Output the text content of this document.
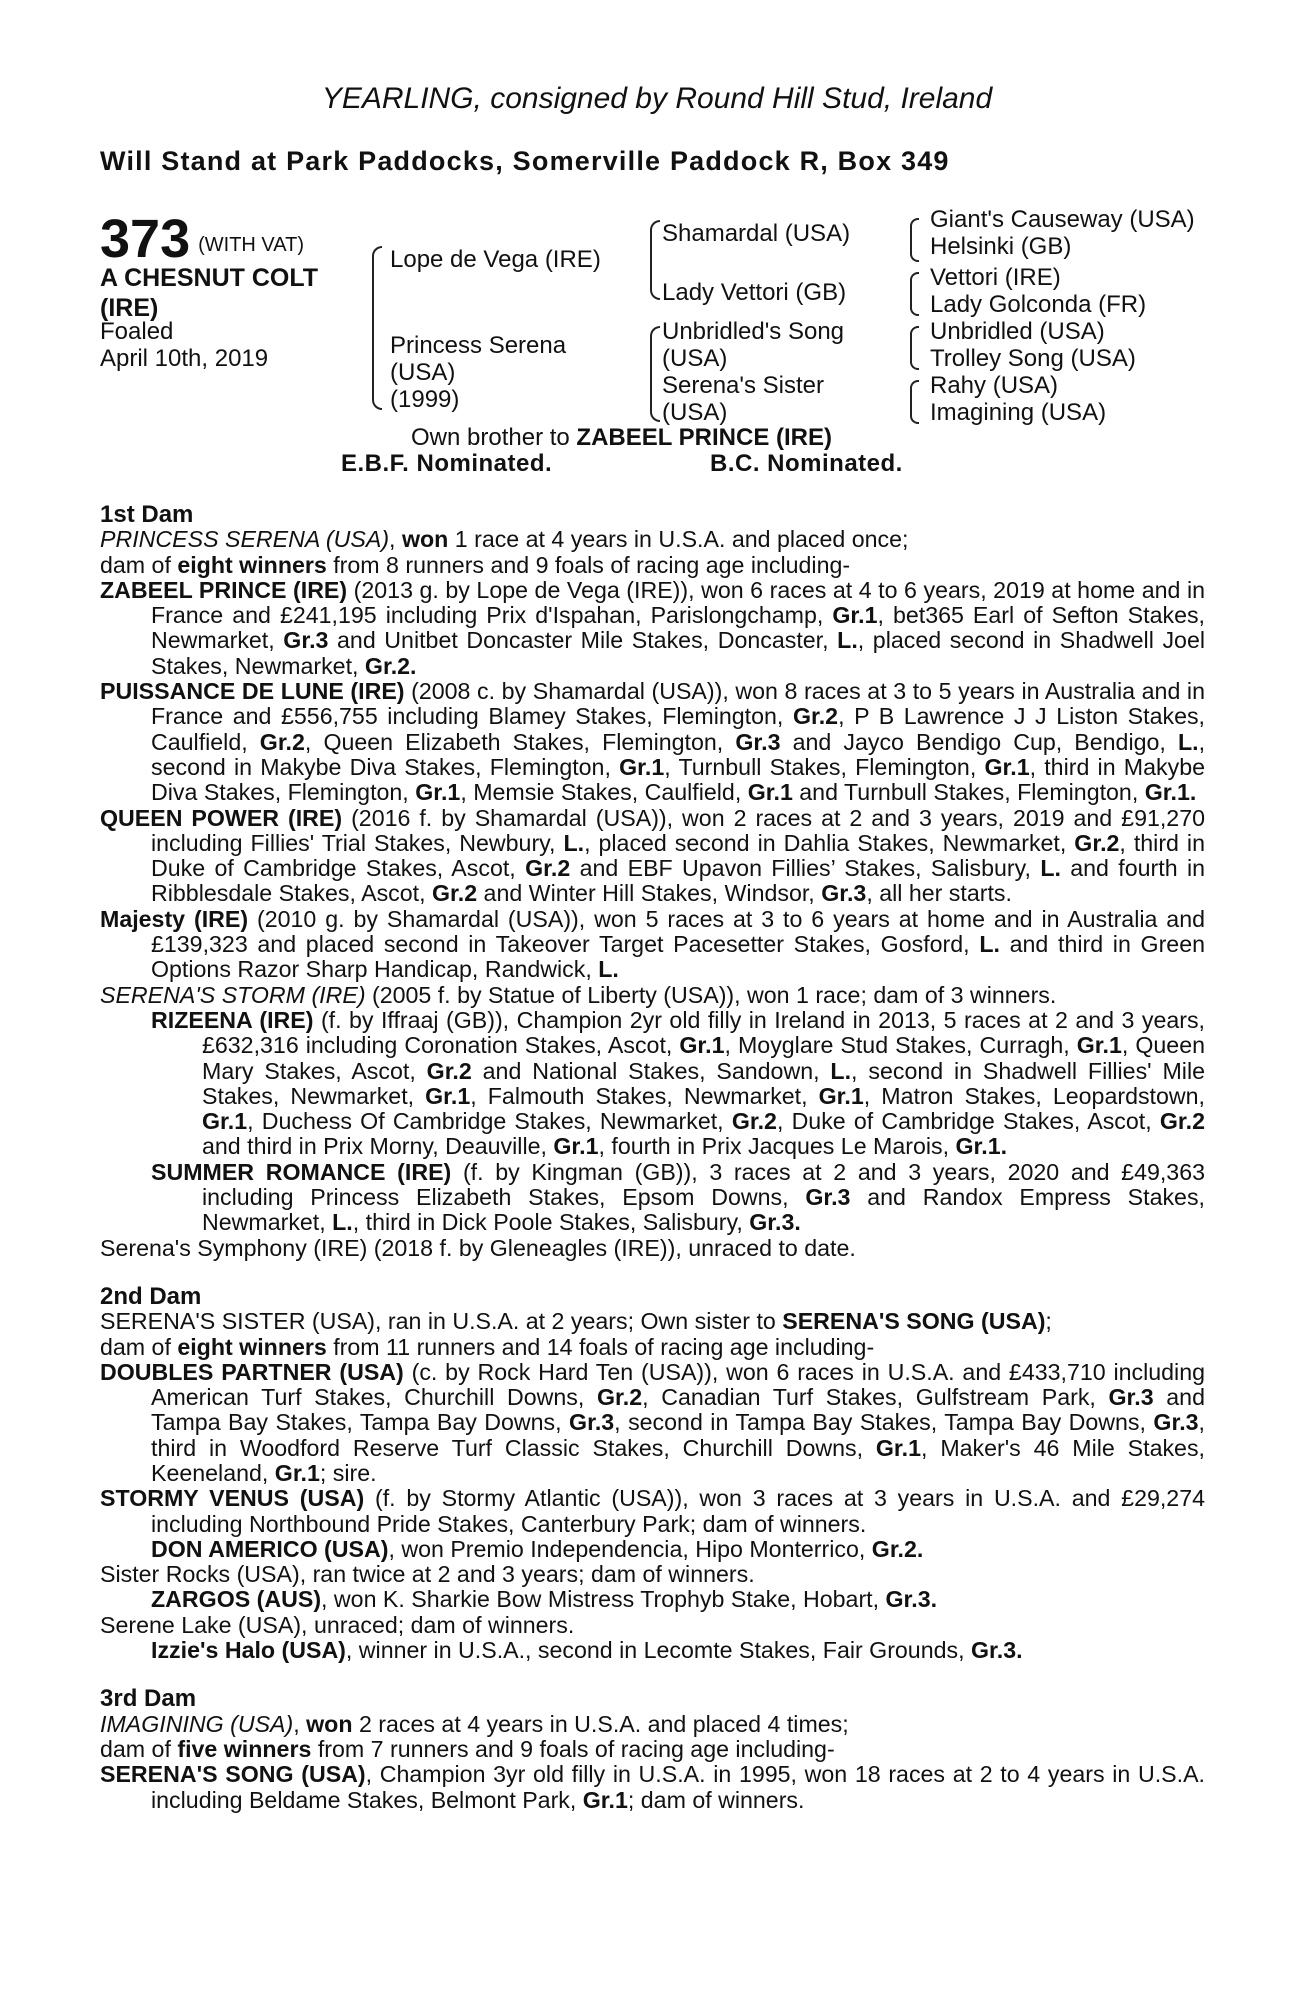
YEARLING, consigned by Round Hill Stud, Ireland
Will Stand at Park Paddocks, Somerville Paddock R, Box 349
373 (WITH VAT)
A CHESNUT COLT
(IRE)
Foaled
April 10th, 2019
Lope de Vega (IRE)
Princess Serena
(USA)
(1999)
Shamardal (USA)
Lady Vettori (GB)
Unbridled's Song
(USA)
Serena's Sister
(USA)
Giant's Causeway (USA)
Helsinki (GB)
Vettori (IRE)
Lady Golconda (FR)
Unbridled (USA)
Trolley Song (USA)
Rahy (USA)
Imagining (USA)
Own brother to ZABEEL PRINCE (IRE)
E.B.F. Nominated.	B.C. Nominated.

1st Dam

PRINCESS SERENA (USA), won 1 race at 4 years in U.S.A. and placed once;

dam of eight winners from 8 runners and 9 foals of racing age including-

ZABEEL PRINCE (IRE) (2013 g. by Lope de Vega (IRE)), won 6 races at 4 to 6 years, 2019 at home and in France and £241,195 including Prix d'Ispahan, Parislongchamp, Gr.1, bet365 Earl of Sefton Stakes, Newmarket, Gr.3 and Unitbet Doncaster Mile Stakes, Doncaster, L., placed second in Shadwell Joel Stakes, Newmarket, Gr.2.

PUISSANCE DE LUNE (IRE) (2008 c. by Shamardal (USA)), won 8 races at 3 to 5 years in Australia and in France and £556,755 including Blamey Stakes, Flemington, Gr.2, P B Lawrence J J Liston Stakes, Caulfield, Gr.2, Queen Elizabeth Stakes, Flemington, Gr.3 and Jayco Bendigo Cup, Bendigo, L., second in Makybe Diva Stakes, Flemington, Gr.1, Turnbull Stakes, Flemington, Gr.1, third in Makybe Diva Stakes, Flemington, Gr.1, Memsie Stakes, Caulfield, Gr.1 and Turnbull Stakes, Flemington, Gr.1.

QUEEN POWER (IRE) (2016 f. by Shamardal (USA)), won 2 races at 2 and 3 years, 2019 and £91,270 including Fillies' Trial Stakes, Newbury, L., placed second in Dahlia Stakes, Newmarket, Gr.2, third in Duke of Cambridge Stakes, Ascot, Gr.2 and EBF Upavon Fillies’ Stakes, Salisbury, L. and fourth in Ribblesdale Stakes, Ascot, Gr.2 and Winter Hill Stakes, Windsor, Gr.3, all her starts.

Majesty (IRE) (2010 g. by Shamardal (USA)), won 5 races at 3 to 6 years at home and in Australia and £139,323 and placed second in Takeover Target Pacesetter Stakes, Gosford, L. and third in Green Options Razor Sharp Handicap, Randwick, L.

SERENA'S STORM (IRE) (2005 f. by Statue of Liberty (USA)), won 1 race; dam of 3 winners.

RIZEENA (IRE) (f. by Iffraaj (GB)), Champion 2yr old filly in Ireland in 2013, 5 races at 2 and 3 years, £632,316 including Coronation Stakes, Ascot, Gr.1, Moyglare Stud Stakes, Curragh, Gr.1, Queen Mary Stakes, Ascot, Gr.2 and National Stakes, Sandown, L., second in Shadwell Fillies' Mile Stakes, Newmarket, Gr.1, Falmouth Stakes, Newmarket, Gr.1, Matron Stakes, Leopardstown, Gr.1, Duchess Of Cambridge Stakes, Newmarket, Gr.2, Duke of Cambridge Stakes, Ascot, Gr.2 and third in Prix Morny, Deauville, Gr.1, fourth in Prix Jacques Le Marois, Gr.1.

SUMMER ROMANCE (IRE) (f. by Kingman (GB)), 3 races at 2 and 3 years, 2020 and £49,363 including Princess Elizabeth Stakes, Epsom Downs, Gr.3 and Randox Empress Stakes, Newmarket, L., third in Dick Poole Stakes, Salisbury, Gr.3.

Serena's Symphony (IRE) (2018 f. by Gleneagles (IRE)), unraced to date.

2nd Dam

SERENA'S SISTER (USA), ran in U.S.A. at 2 years; Own sister to SERENA'S SONG (USA);

dam of eight winners from 11 runners and 14 foals of racing age including-

DOUBLES PARTNER (USA) (c. by Rock Hard Ten (USA)), won 6 races in U.S.A. and £433,710 including American Turf Stakes, Churchill Downs, Gr.2, Canadian Turf Stakes, Gulfstream Park, Gr.3 and Tampa Bay Stakes, Tampa Bay Downs, Gr.3, second in Tampa Bay Stakes, Tampa Bay Downs, Gr.3, third in Woodford Reserve Turf Classic Stakes, Churchill Downs, Gr.1, Maker's 46 Mile Stakes, Keeneland, Gr.1; sire.

STORMY VENUS (USA) (f. by Stormy Atlantic (USA)), won 3 races at 3 years in U.S.A. and £29,274 including Northbound Pride Stakes, Canterbury Park; dam of winners.

DON AMERICO (USA), won Premio Independencia, Hipo Monterrico, Gr.2.

Sister Rocks (USA), ran twice at 2 and 3 years; dam of winners.

ZARGOS (AUS), won K. Sharkie Bow Mistress Trophyb Stake, Hobart, Gr.3.

Serene Lake (USA), unraced; dam of winners.

Izzie's Halo (USA), winner in U.S.A., second in Lecomte Stakes, Fair Grounds, Gr.3.

3rd Dam

IMAGINING (USA), won 2 races at 4 years in U.S.A. and placed 4 times;

dam of five winners from 7 runners and 9 foals of racing age including-

SERENA'S SONG (USA), Champion 3yr old filly in U.S.A. in 1995, won 18 races at 2 to 4 years in U.S.A. including Beldame Stakes, Belmont Park, Gr.1; dam of winners.
